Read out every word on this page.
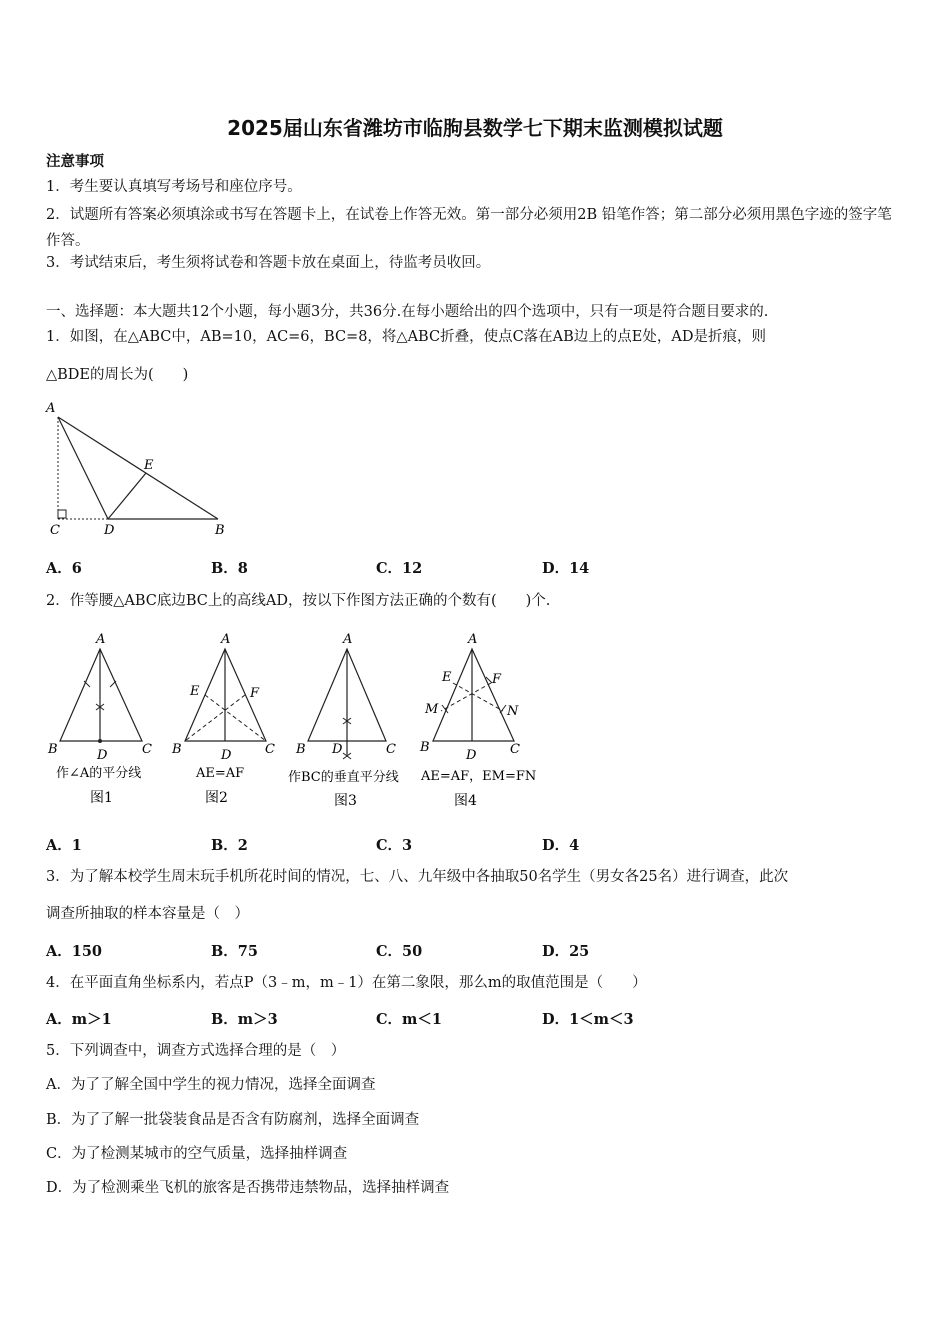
2025届山东省潍坊市临朐县数学七下期末监测模拟试题
注意事项
1．考生要认真填写考场号和座位序号。
2．试题所有答案必须填涂或书写在答题卡上，在试卷上作答无效。第一部分必须用2B 铅笔作答；第二部分必须用黑色字迹的签字笔作答。
3．考试结束后，考生须将试卷和答题卡放在桌面上，待监考员收回。
一、选择题：本大题共12个小题，每小题3分，共36分.在每小题给出的四个选项中，只有一项是符合题目要求的.
1．如图，在△ABC中，AB=10，AC=6，BC=8，将△ABC折叠，使点C落在AB边上的点E处，AD是折痕，则
△BDE的周长为(　　)
A
E
C	D	B
A．6	B．8	C．12	D．14
2．作等腰△ABC底边BC上的高线AD，按以下作图方法正确的个数有(　　)个.
A
B	D	C
作∠A的平分线
图1
A
E	F
B	D	C
AE=AF
图2
A
B D	C
作BC的垂直平分线
图3
A
E	F
M	N
B
D	C
AE=AF，EM=FN
图4
A．1	B．2	C．3	D．4
3．为了解本校学生周末玩手机所花时间的情况，七、八、九年级中各抽取50名学生（男女各25名）进行调查，此次
调查所抽取的样本容量是（　）
A．150	B．75	C．50	D．25
4．在平面直角坐标系内，若点P（3﹣m，m﹣1）在第二象限，那么m的取值范围是（　　）
A．m＞1	B．m＞3	C．m＜1	D．1＜m＜3
5．下列调查中，调查方式选择合理的是（　）
A．为了了解全国中学生的视力情况，选择全面调查
B．为了了解一批袋装食品是否含有防腐剂，选择全面调查
C．为了检测某城市的空气质量，选择抽样调查
D．为了检测乘坐飞机的旅客是否携带违禁物品，选择抽样调查
